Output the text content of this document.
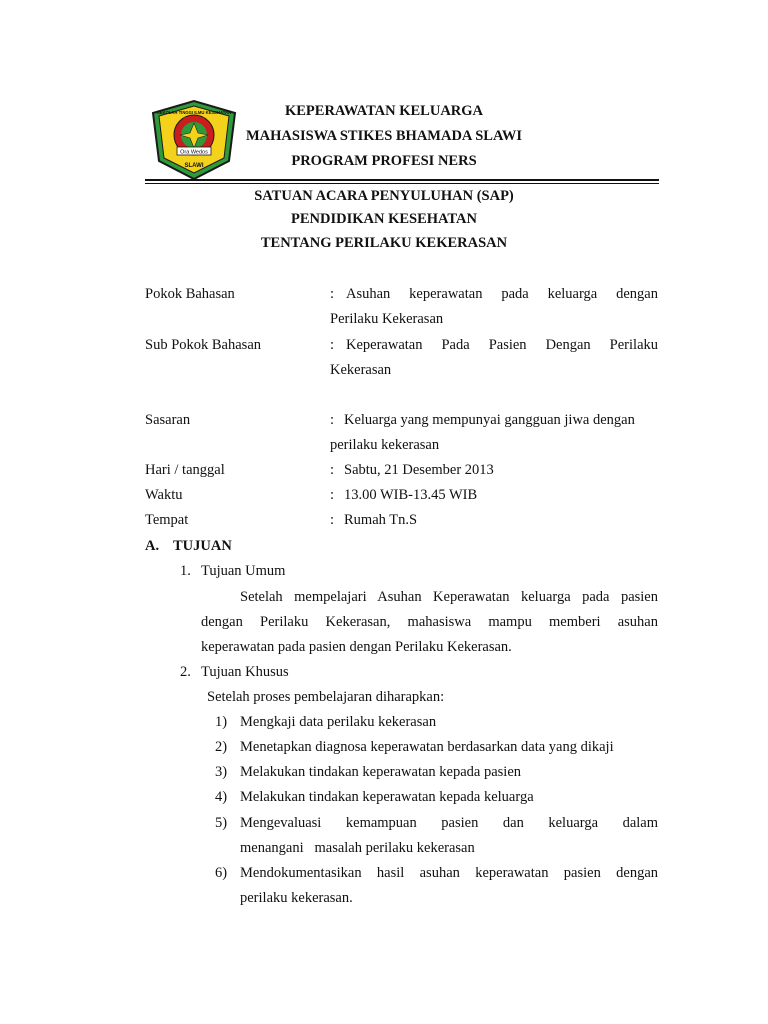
Ora Wedos
SEKOLAH TINGGI ILMU KESEHATAN
BHAMADA
SLAWI
KEPERAWATAN KELUARGA
MAHASISWA STIKES BHAMADA SLAWI
PROGRAM PROFESI NERS
SATUAN ACARA PENYULUHAN (SAP)
PENDIDIKAN KESEHATAN
TENTANG PERILAKU KEKERASAN
Pokok Bahasan	: Asuhan keperawatan pada keluarga dengan
Perilaku Kekerasan
Sub Pokok Bahasan	: Keperawatan Pada Pasien Dengan Perilaku
Kekerasan
Sasaran	: Keluarga yang mempunyai gangguan jiwa dengan
perilaku kekerasan
Hari / tanggal	: Sabtu, 21 Desember 2013
Waktu	: 13.00 WIB-13.45 WIB
Tempat	: Rumah Tn.S
A. TUJUAN
1. Tujuan Umum
Setelah mempelajari Asuhan Keperawatan keluarga pada pasien
dengan Perilaku Kekerasan, mahasiswa mampu memberi asuhan
keperawatan pada pasien dengan Perilaku Kekerasan.
2. Tujuan Khusus
Setelah proses pembelajaran diharapkan:
1) Mengkaji data perilaku kekerasan
2) Menetapkan diagnosa keperawatan berdasarkan data yang dikaji
3) Melakukan tindakan keperawatan kepada pasien
4) Melakukan tindakan keperawatan kepada keluarga
5) Mengevaluasi kemampuan pasien dan keluarga dalam
menangani   masalah perilaku kekerasan
6) Mendokumentasikan hasil asuhan keperawatan pasien dengan
perilaku kekerasan.
